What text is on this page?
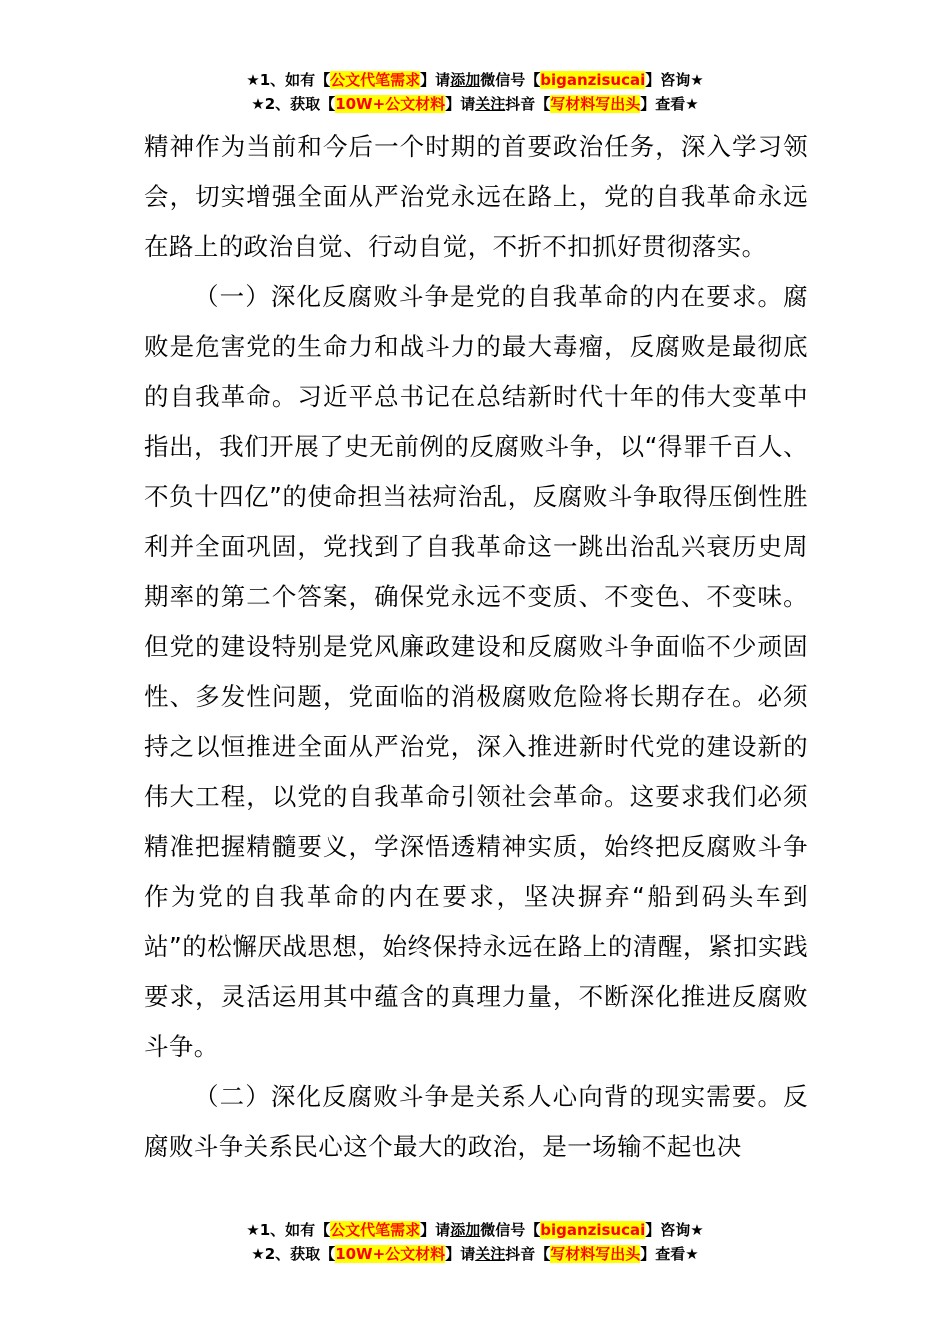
★1、如有【公文代笔需求】请添加微信号【biganzisucai】咨询★
★2、获取【10W+公文材料】请关注抖音【写材料写出头】查看★

精神作为当前和今后一个时期的首要政治任务，深入学习领会，切实增强全面从严治党永远在路上，党的自我革命永远在路上的政治自觉、行动自觉，不折不扣抓好贯彻落实。

（一）深化反腐败斗争是党的自我革命的内在要求。腐败是危害党的生命力和战斗力的最大毒瘤，反腐败是最彻底的自我革命。习近平总书记在总结新时代十年的伟大变革中指出，我们开展了史无前例的反腐败斗争，以“得罪千百人、不负十四亿”的使命担当祛疴治乱，反腐败斗争取得压倒性胜利并全面巩固，党找到了自我革命这一跳出治乱兴衰历史周期率的第二个答案，确保党永远不变质、不变色、不变味。但党的建设特别是党风廉政建设和反腐败斗争面临不少顽固性、多发性问题，党面临的消极腐败危险将长期存在。必须持之以恒推进全面从严治党，深入推进新时代党的建设新的伟大工程，以党的自我革命引领社会革命。这要求我们必须精准把握精髓要义，学深悟透精神实质，始终把反腐败斗争作为党的自我革命的内在要求，坚决摒弃“船到码头车到站”的松懈厌战思想，始终保持永远在路上的清醒，紧扣实践要求，灵活运用其中蕴含的真理力量，不断深化推进反腐败斗争。

（二）深化反腐败斗争是关系人心向背的现实需要。反腐败斗争关系民心这个最大的政治，是一场输不起也决

★1、如有【公文代笔需求】请添加微信号【biganzisucai】咨询★
★2、获取【10W+公文材料】请关注抖音【写材料写出头】查看★
